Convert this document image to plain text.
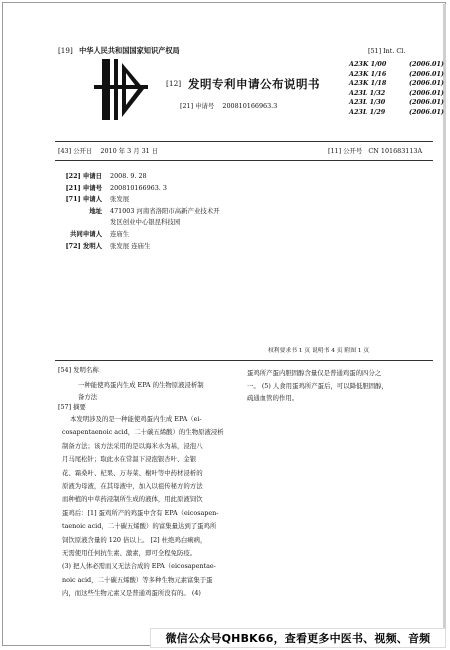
[19] 中华人民共和国国家知识产权局
[12] 发明专利申请公布说明书
[21] 申请号 200810166963.3
[51] Int. Cl.
A23K 1/00	(2006.01)
A23K 1/16	(2006.01)
A23K 1/18	(2006.01)
A23L 1/32	(2006.01)
A23L 1/30	(2006.01)
A23L 1/29	(2006.01)
[43] 公开日 2010 年 3 月 31 日	[11] 公开号 CN 101683113A
[22] 申请日 2008. 9. 28
[21] 申请号 200810166963. 3
[71] 申请人 张发展
地址 471003 河南省洛阳市高新产业技术开
发区创业中心银昆科技园
共同申请人 连庙生
[72] 发明人 张发展 连庙生
权利要求书 1 页 说明书 4 页 附图 1 页
[54] 发明名称
一种能使鸡蛋内生成 EPA 的生物原液浸析制
备方法
[57] 摘要

本发明涉及的是一种能使鸡蛋内生成 EPA（ei-

cosapentaenoic acid，二十碳五烯酸）的生物原液浸析

制备方法；该方法采用的是以海米水为基，浸泡八

月马尾松针；取此水在常温下浸泡银杏叶、金银

花、霜桑叶、杞果、万寿菜、榭叶等中药材浸析的

原液为母液，在其母液中，加入以祖传秘方的方法

而种植的中草药浸制所生成的液体，用此原液饲饮

蛋鸡后：[1] 蛋鸡所产的鸡蛋中含有 EPA（eicosapen-

taenoic acid，二十碳五烯酸）的富集量达到了蛋鸡所

饲饮原液含量的 120 倍以上。 [2] 杜绝鸡白痢病，

无需使用任何抗生素、激素，即可全程免防疫。

(3) 把人体必需而又无法合成的 EPA（eicosapentae-

noic acid，二十碳五烯酸）等多种生物元素富集于蛋

内，而这些生物元素又是普通鸡蛋所没有的。 (4)

蛋鸡所产蛋内胆固醇含量仅是普通鸡蛋的四分之
一。 (5) 人食用蛋鸡所产蛋后，可以降低胆固醇，
疏通血管的作用。
微信公众号QHBK66，查看更多中医书、视频、音频
